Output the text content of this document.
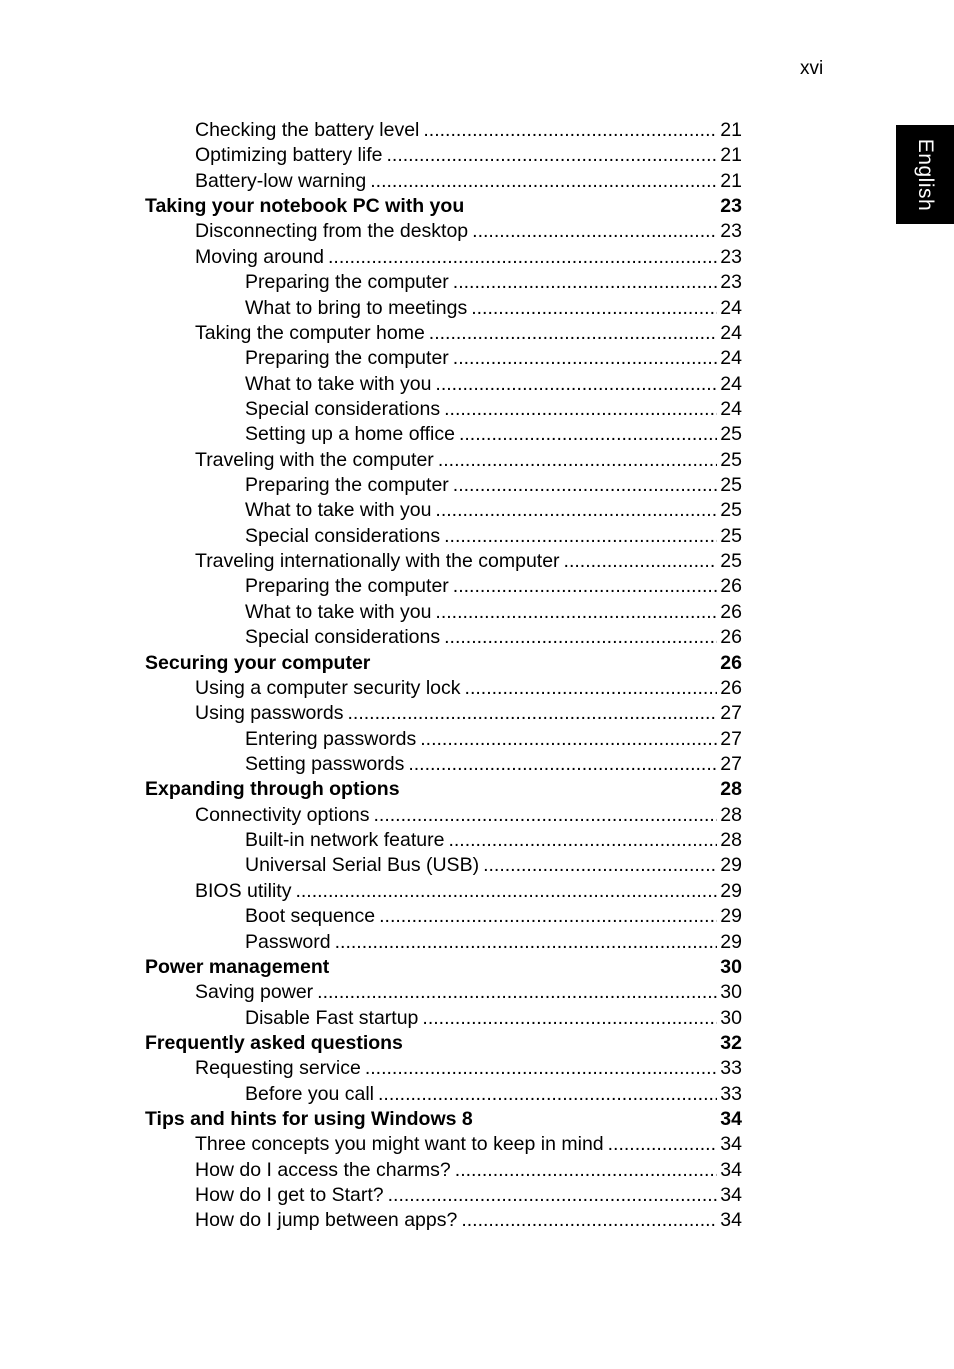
xvi
English
Checking the battery level .....	21
Optimizing battery life .....	21
Battery-low warning .....	21
Taking your notebook PC with you	23
Disconnecting from the desktop .....	23
Moving around .....	23
Preparing the computer .....	23
What to bring to meetings .....	24
Taking the computer home .....	24
Preparing the computer .....	24
What to take with you .....	24
Special considerations .....	24
Setting up a home office .....	25
Traveling with the computer .....	25
Preparing the computer .....	25
What to take with you .....	25
Special considerations .....	25
Traveling internationally with the computer .....	25
Preparing the computer .....	26
What to take with you .....	26
Special considerations .....	26
Securing your computer	26
Using a computer security lock .....	26
Using passwords .....	27
Entering passwords .....	27
Setting passwords .....	27
Expanding through options	28
Connectivity options .....	28
Built-in network feature .....	28
Universal Serial Bus (USB) .....	29
BIOS utility .....	29
Boot sequence .....	29
Password .....	29
Power management	30
Saving power .....	30
Disable Fast startup .....	30
Frequently asked questions	32
Requesting service .....	33
Before you call .....	33
Tips and hints for using Windows 8	34
Three concepts you might want to keep in mind .....	34
How do I access the charms? .....	34
How do I get to Start? .....	34
How do I jump between apps? .....	34
